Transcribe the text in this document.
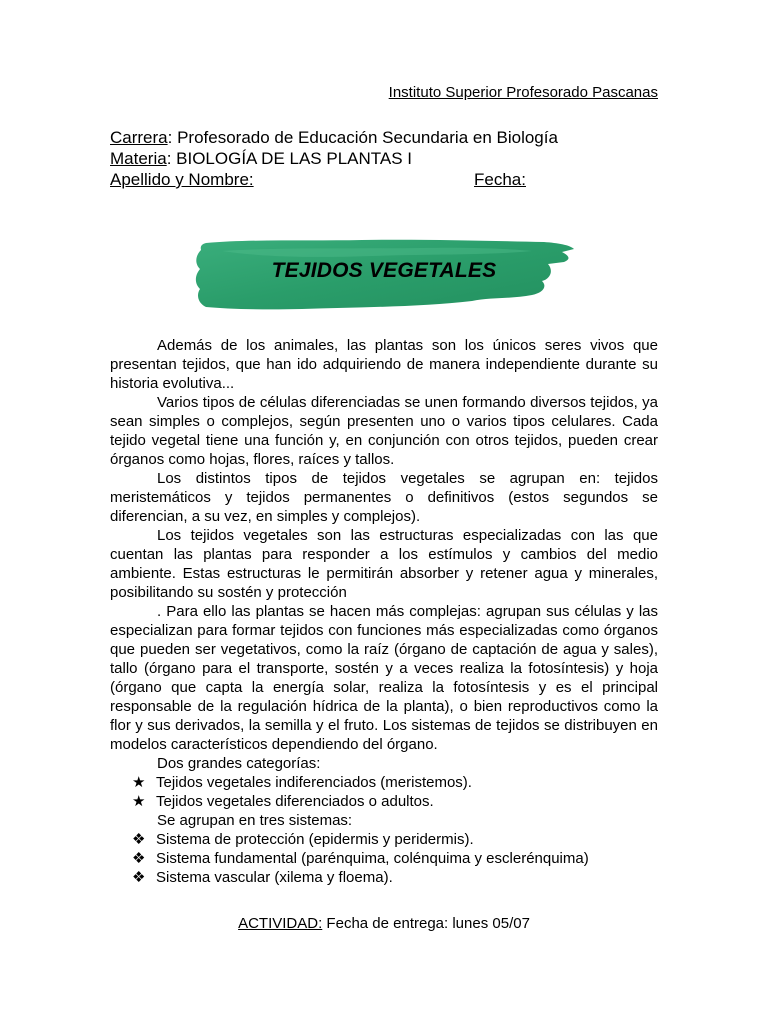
Instituto Superior Profesorado Pascanas
Carrera: Profesorado de Educación Secundaria en Biología
Materia: BIOLOGÍA DE LAS PLANTAS I
Apellido y Nombre:	Fecha:
TEJIDOS VEGETALES

Además de los animales, las plantas son los únicos seres vivos que presentan tejidos, que han ido adquiriendo de manera independiente durante su historia evolutiva...

Varios tipos de células diferenciadas se unen formando diversos tejidos, ya sean simples o complejos, según presenten uno o varios tipos celulares. Cada tejido vegetal tiene una función y, en conjunción con otros tejidos, pueden crear órganos como hojas, flores, raíces y tallos.

Los distintos tipos de tejidos vegetales se agrupan en: tejidos meristemáticos y tejidos permanentes o definitivos (estos segundos se diferencian, a su vez, en simples y complejos).

Los tejidos vegetales son las estructuras especializadas con las que cuentan las plantas para responder a los estímulos y cambios del medio ambiente. Estas estructuras le permitirán absorber y retener agua y minerales, posibilitando su sostén y protección

. Para ello las plantas se hacen más complejas: agrupan sus células y las especializan para formar tejidos con funciones más especializadas como órganos que pueden ser vegetativos, como la raíz (órgano de captación de agua y sales), tallo (órgano para el transporte, sostén y a veces realiza la fotosíntesis) y hoja (órgano que capta la energía solar, realiza la fotosíntesis y es el principal responsable de la regulación hídrica de la planta), o bien reproductivos como la flor y sus derivados, la semilla y el fruto. Los sistemas de tejidos se distribuyen en modelos característicos dependiendo del órgano.

Dos grandes categorías:

★ Tejidos vegetales indiferenciados (meristemos).
★ Tejidos vegetales diferenciados o adultos.

Se agrupan en tres sistemas:

❖ Sistema de protección (epidermis y peridermis).
❖ Sistema fundamental (parénquima, colénquima y esclerénquima)
❖ Sistema vascular (xilema y floema).
ACTIVIDAD: Fecha de entrega: lunes 05/07
